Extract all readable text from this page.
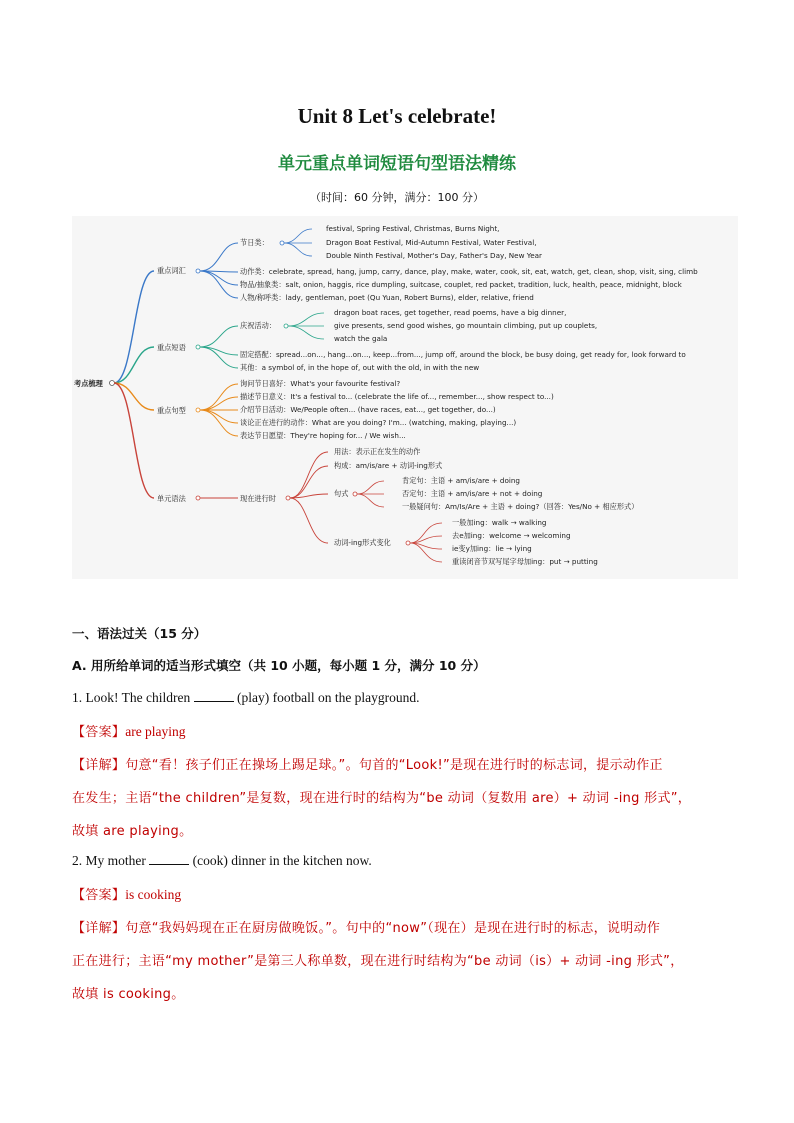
Unit 8 Let's celebrate!
单元重点单词短语句型语法精练
（时间：60 分钟，满分：100 分）
考点梳理
重点词汇
重点短语
重点句型
单元语法
节日类：
festival, Spring Festival, Christmas, Burns Night,
Dragon Boat Festival, Mid-Autumn Festival, Water Festival,
Double Ninth Festival, Mother's Day, Father's Day, New Year
动作类：celebrate, spread, hang, jump, carry, dance, play, make, water, cook, sit, eat, watch, get, clean, shop, visit, sing, climb
物品/抽象类：salt, onion, haggis, rice dumpling, suitcase, couplet, red packet, tradition, luck, health, peace, midnight, block
人物/称呼类：lady, gentleman, poet (Qu Yuan, Robert Burns), elder, relative, friend
庆祝活动：
dragon boat races, get together, read poems, have a big dinner,
give presents, send good wishes, go mountain climbing, put up couplets,
watch the gala
固定搭配：spread...on..., hang...on..., keep...from..., jump off, around the block, be busy doing, get ready for, look forward to
其他：a symbol of, in the hope of, out with the old, in with the new
询问节日喜好：What's your favourite festival?
描述节日意义：It's a festival to... (celebrate the life of..., remember..., show respect to...)
介绍节日活动：We/People often... (have races, eat..., get together, do...)
谈论正在进行的动作：What are you doing? I'm... (watching, making, playing...)
表达节日愿望：They're hoping for... / We wish...
现在进行时
用法：表示正在发生的动作
构成：am/is/are + 动词-ing形式
句式
肯定句：主语 + am/is/are + doing
否定句：主语 + am/is/are + not + doing
一般疑问句：Am/Is/Are + 主语 + doing?（回答：Yes/No + 相应形式）
动词-ing形式变化
一般加ing：walk → walking
去e加ing：welcome → welcoming
ie变y加ing：lie → lying
重读闭音节双写尾字母加ing：put → putting
一、语法过关（15 分）
A. 用所给单词的适当形式填空（共 10 小题，每小题 1 分，满分 10 分）
1. Look! The children	(play) football on the playground.
【答案】are playing
【详解】句意“看！孩子们正在操场上踢足球。”。句首的“Look!”是现在进行时的标志词，提示动作正
在发生；主语“the children”是复数，现在进行时的结构为“be 动词（复数用 are）+ 动词 -ing 形式”，
故填 are playing。
2. My mother	(cook) dinner in the kitchen now.
【答案】is cooking
【详解】句意“我妈妈现在正在厨房做晚饭。”。句中的“now”（现在）是现在进行时的标志，说明动作
正在进行；主语“my mother”是第三人称单数，现在进行时结构为“be 动词（is）+ 动词 -ing 形式”，
故填 is cooking。
